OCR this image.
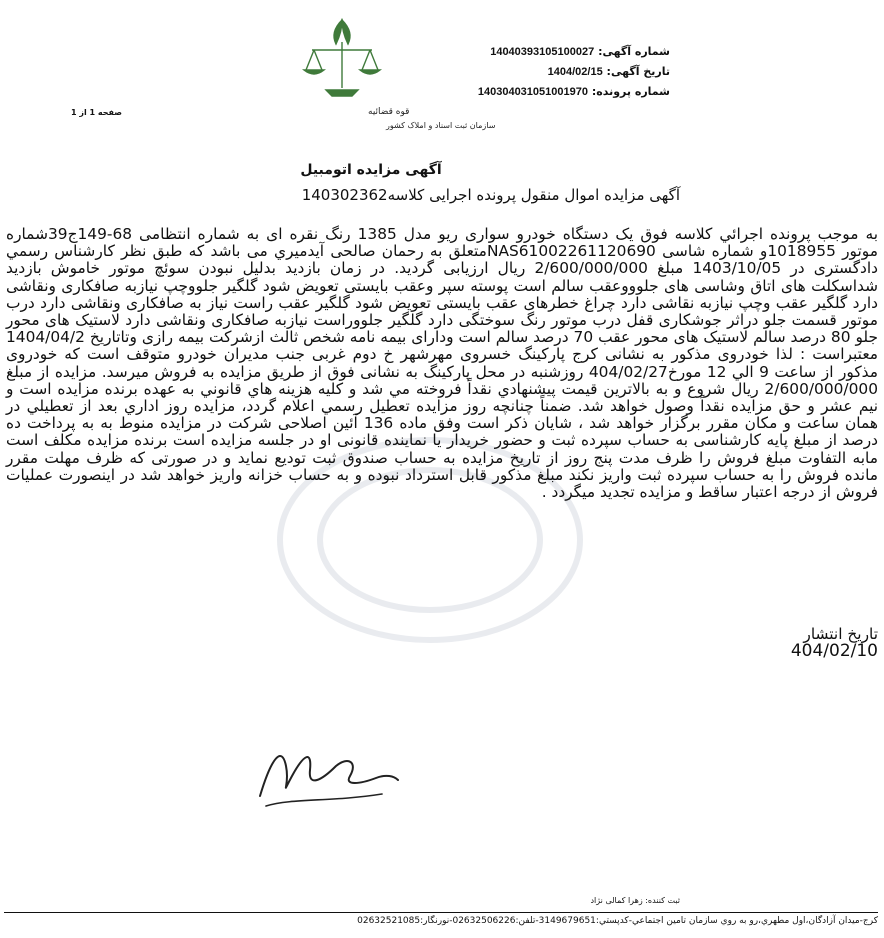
قوه قضائیه
سازمان ثبت اسناد و املاک کشور
شماره آگهی: 14040393105100027
تاریخ آگهی: 1404/02/15
شماره پرونده: 140304031051001970
صفحه 1 از 1
آگهی مزایده اتومبیل
آگهی مزایده اموال منقول پرونده اجرایی کلاسه140302362
به موجب پرونده اجرائي کلاسه فوق یک دستگاه خودرو سواری ریو مدل 1385 رنگ نقره ای به شماره انتظامی 68-149ج39شماره موتور 1018955و شماره شاسی NAS61002261120690متعلق به رحمان صالحی آيدميري می باشد که طبق نظر کارشناس رسمي دادگستری در 1403/10/05 مبلغ 2/600/000/000 ريال ارزيابی گرديد. در زمان بازدید بدلیل نبودن سوئچ موتور خاموش بازدید شداسکلت های اتاق وشاسی های جلوووعقب سالم است پوسته سپر وعقب بایستی تعویض شود گلگیر جلووچپ نیازبه صافکاری ونقاشی دارد گلگیر عقب وچپ نیازبه نقاشی دارد چراغ خطرهای عقب بایستی تعویض شود گلگیر عقب راست نیاز به صافکاری ونقاشی دارد درب موتور قسمت جلو دراثر جوشکاری قفل درب موتور رنگ سوختگی دارد گلگیر جلووراست نیازبه صافکاری ونقاشی دارد لاستیک های محور جلو 80 درصد سالم لاستیک های محور عقب 70 درصد سالم است ودارای بیمه نامه شخص ثالث ازشرکت بیمه رازی وتاتاریخ 1404/04/2 معتبراست : لذا خودروی مذکور به نشانی کرج پارکینگ خسروی مهرشهر خ دوم غربی جنب مدیران خودرو متوقف است که خودروی مذکور از ساعت 9 الي 12 مورخ404/02/27 روزشنبه در محل پارکینگ به نشانی فوق از طریق مزایده به فروش میرسد. مزايده از مبلغ 2/600/000/000 ريال شروع و به بالاترين قيمت پيشنهادي نقداً فروخته مي شد و کليه هزينه هاي قانوني به عهده برنده مزايده است و نيم عشر و حق مزايده نقداً وصول خواهد شد. ضمناً چنانچه روز مزايده تعطيل رسمي اعلام گردد، مزايده روز اداري بعد از تعطيلي در همان ساعت و مکان مقرر برگزار خواهد شد ، شايان ذکر است وفق ماده 136 آئين اصلاحی شرکت در مزايده منوط به به پرداخت ده درصد از مبلغ پايه کارشناسی به حساب سپرده ثبت و حضور خريدار يا نماينده قانونی او در جلسه مزايده است برنده مزايده مکلف است مابه التفاوت مبلغ فروش را ظرف مدت پنج روز از تاریخ مزایده به حساب صندوق ثبت توديع نمايد و در صورتی که ظرف مهلت مقرر مانده فروش را به حساب سپرده ثبت واريز نکند مبلغ مذکور قابل استرداد نبوده و به حساب خزانه واريز خواهد شد در اينصورت عمليات فروش از درجه اعتبار ساقط و مزايده تجديد ميگردد .
تاریخ انتشار
404/02/10
ثبت کننده: زهرا کمالی نژاد
کرج-میدان آزادگان،اول مطهري،رو به روي سازمان تامين اجتماعي-کدپستي:3149679651-تلفن:02632506226-نورنگار:02632521085
